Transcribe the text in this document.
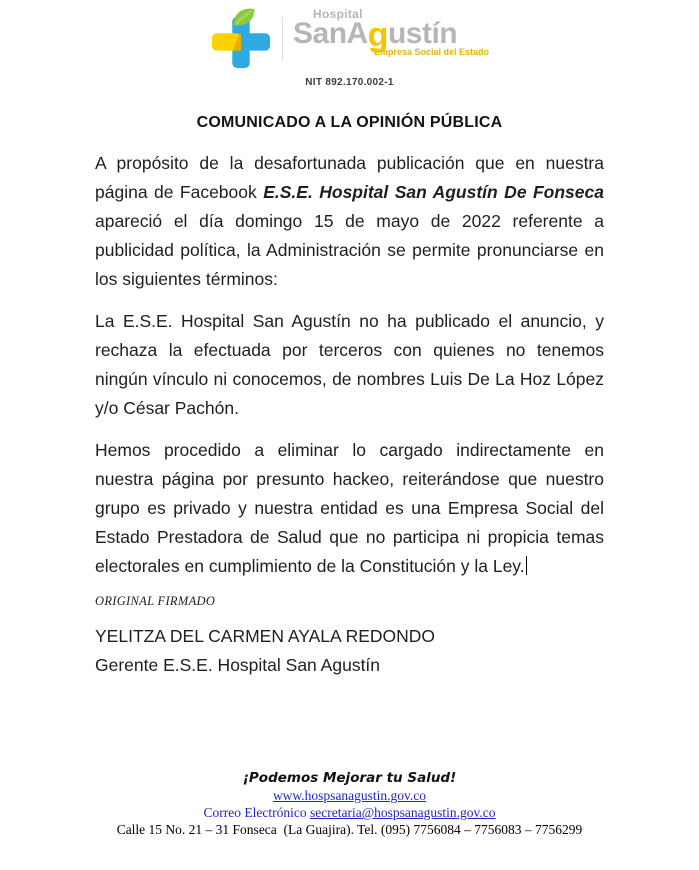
Hospital
SanAgustín
Empresa Social del Estado
NIT 892.170.002-1
COMUNICADO A LA OPINIÓN PÚBLICA

A propósito de la desafortunada publicación que en nuestra página de Facebook E.S.E. Hospital San Agustín De Fonseca apareció el día domingo 15 de mayo de 2022 referente a publicidad política, la Administración se permite pronunciarse en los siguientes términos:

La E.S.E. Hospital San Agustín no ha publicado el anuncio, y rechaza la efectuada por terceros con quienes no tenemos ningún vínculo ni conocemos, de nombres Luis De La Hoz López y/o César Pachón.

Hemos procedido a eliminar lo cargado indirectamente en nuestra página por presunto hackeo, reiterándose que nuestro grupo es privado y nuestra entidad es una Empresa Social del Estado Prestadora de Salud que no participa ni propicia temas electorales en cumplimiento de la Constitución y la Ley.

ORIGINAL FIRMADO
YELITZA DEL CARMEN AYALA REDONDO
Gerente E.S.E. Hospital San Agustín
¡Podemos Mejorar tu Salud!
www.hospsanagustin.gov.co
Correo Electrónico secretaria@hospsanagustin.gov.co
Calle 15 No. 21 – 31 Fonseca  (La Guajira). Tel. (095) 7756084 – 7756083 – 7756299
